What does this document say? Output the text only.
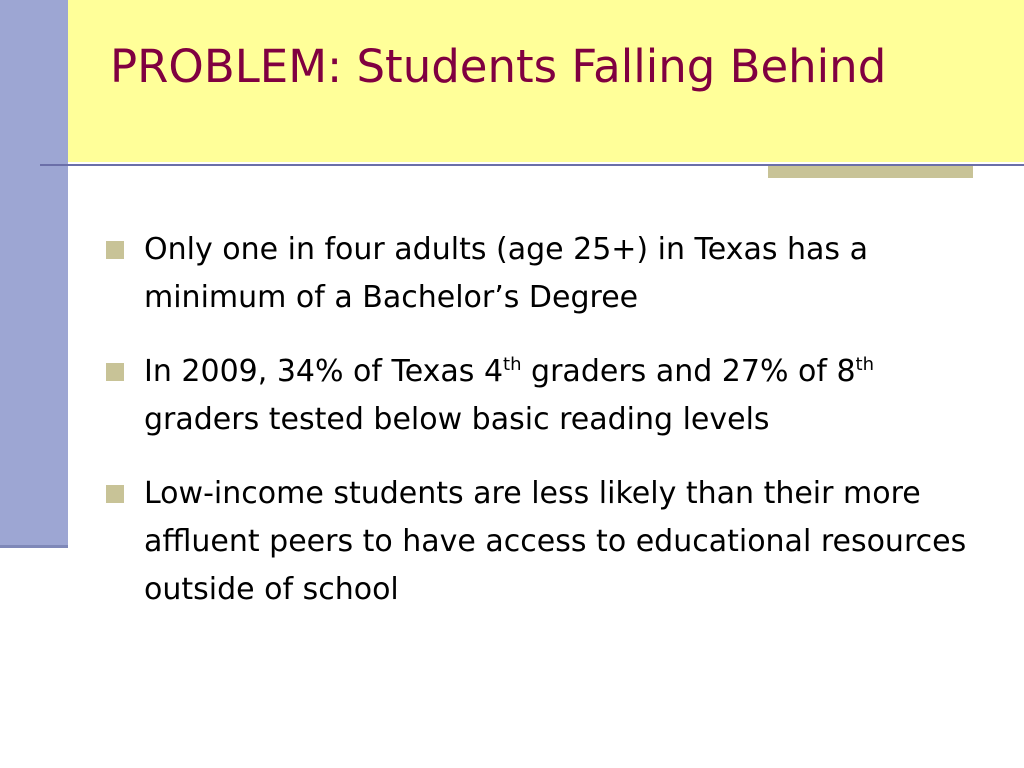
PROBLEM: Students Falling Behind
Only one in four adults (age 25+) in Texas has a minimum of a Bachelor’s Degree
In 2009, 34% of Texas 4th graders and 27% of 8th graders tested below basic reading levels
Low-income students are less likely than their more affluent peers to have access to educational resources outside of school
